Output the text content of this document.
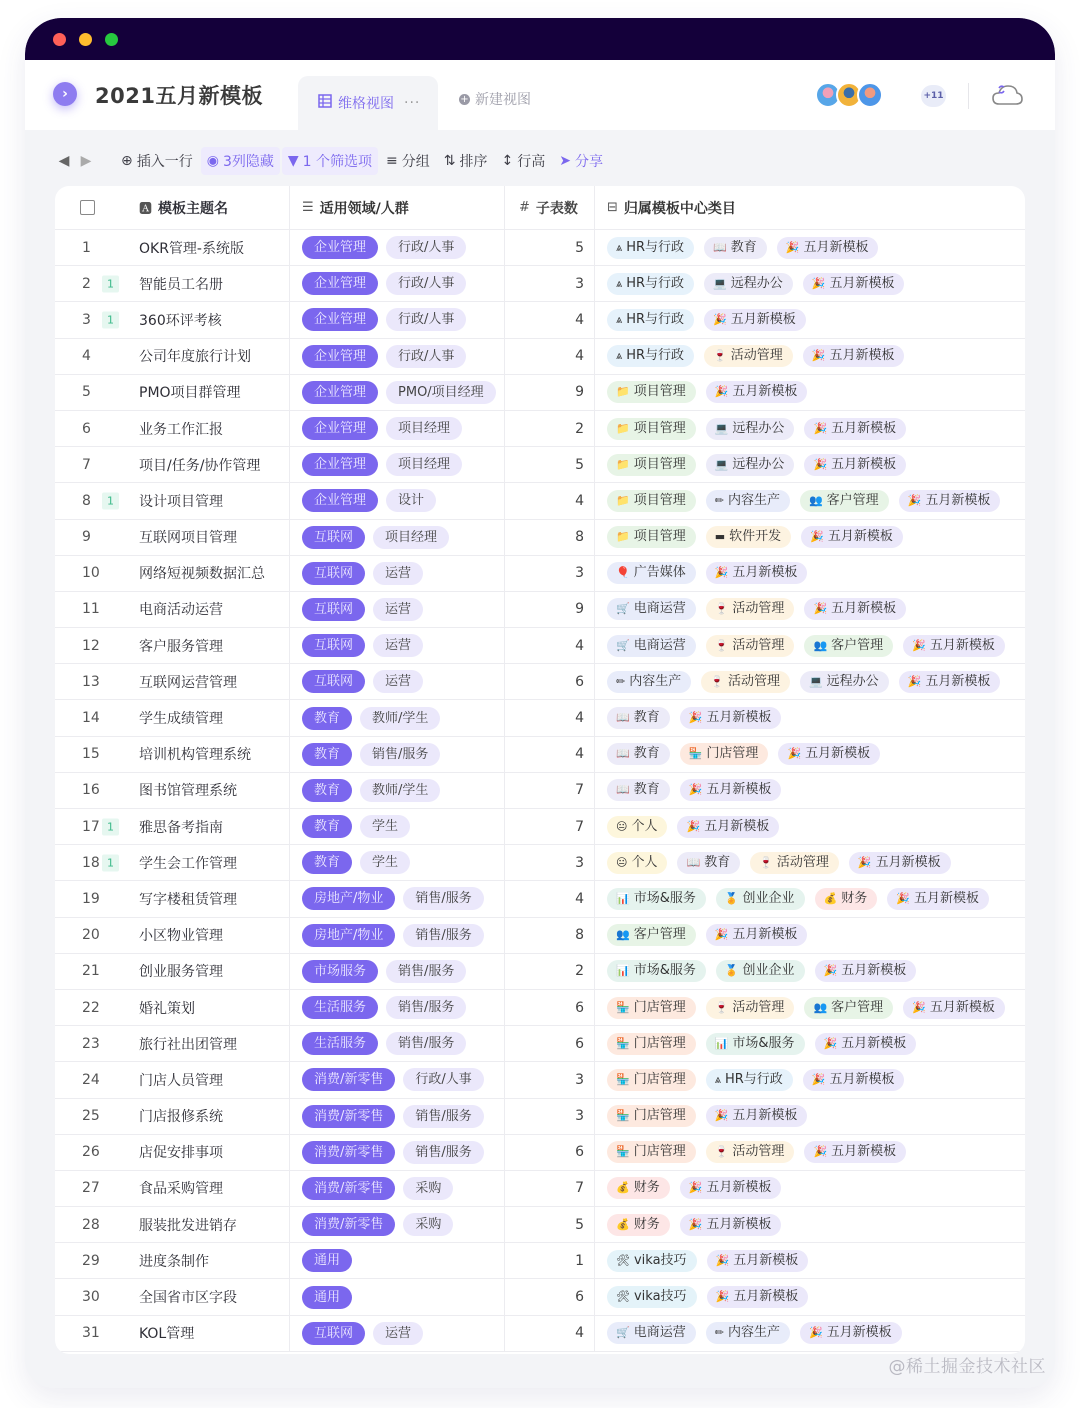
›	2021五月新模板	维格视图 ···	+ 新建视图	+11
◀ ▶	⊕ 插入一行 ◉ 3列隐藏 ▼ 1 个筛选项 ≡ 分组 ⇅ 排序 ↕ 行高 ➤ 分享
🅰 模板主题名	☰ 适用领域/人群	# 子表数 ⊟ 归属模板中心类目
1	OKR管理-系统版	企业管理	行政/人事	5	⩓ HR与行政	📖 教育	🎉 五月新模板
2	1	智能员工名册	企业管理	行政/人事	3	⩓ HR与行政	💻 远程办公	🎉 五月新模板
3	1	360环评考核	企业管理	行政/人事	4	⩓ HR与行政	🎉 五月新模板
4	公司年度旅行计划	企业管理	行政/人事	4	⩓ HR与行政	🍷 活动管理	🎉 五月新模板
5	PMO项目群管理	企业管理	PMO/项目经理	9	📁 项目管理	🎉 五月新模板
6	业务工作汇报	企业管理	项目经理	2	📁 项目管理	💻 远程办公	🎉 五月新模板
7	项目/任务/协作管理	企业管理	项目经理	5	📁 项目管理	💻 远程办公	🎉 五月新模板
8	1	设计项目管理	企业管理	设计	4	📁 项目管理	✏ 内容生产	👥 客户管理	🎉 五月新模板
9	互联网项目管理	互联网	项目经理	8	📁 项目管理	▬ 软件开发	🎉 五月新模板
10	网络短视频数据汇总	互联网	运营	3	🎈 广告媒体	🎉 五月新模板
11	电商活动运营	互联网	运营	9	🛒 电商运营	🍷 活动管理	🎉 五月新模板
12	客户服务管理	互联网	运营	4	🛒 电商运营	🍷 活动管理	👥 客户管理	🎉 五月新模板
13	互联网运营管理	互联网	运营	6	✏ 内容生产	🍷 活动管理	💻 远程办公	🎉 五月新模板
14	学生成绩管理	教育	教师/学生	4	📖 教育	🎉 五月新模板
15	培训机构管理系统	教育	销售/服务	4	📖 教育	🏪 门店管理	🎉 五月新模板
16	图书馆管理系统	教育	教师/学生	7	📖 教育	🎉 五月新模板
17 1	雅思备考指南	教育	学生	7	😐 个人	🎉 五月新模板
18 1	学生会工作管理	教育	学生	3	😐 个人	📖 教育	🍷 活动管理	🎉 五月新模板
19	写字楼租赁管理	房地产/物业	销售/服务	4	📊 市场&服务	🏅 创业企业	💰 财务	🎉 五月新模板
20	小区物业管理	房地产/物业	销售/服务	8	👥 客户管理	🎉 五月新模板
21	创业服务管理	市场服务	销售/服务	2	📊 市场&服务	🏅 创业企业	🎉 五月新模板
22	婚礼策划	生活服务	销售/服务	6	🏪 门店管理	🍷 活动管理	👥 客户管理	🎉 五月新模板
23	旅行社出团管理	生活服务	销售/服务	6	🏪 门店管理	📊 市场&服务	🎉 五月新模板
24	门店人员管理	消费/新零售	行政/人事	3	🏪 门店管理	⩓ HR与行政	🎉 五月新模板
25	门店报修系统	消费/新零售	销售/服务	3	🏪 门店管理	🎉 五月新模板
26	店促安排事项	消费/新零售	销售/服务	6	🏪 门店管理	🍷 活动管理	🎉 五月新模板
27	食品采购管理	消费/新零售	采购	7	💰 财务	🎉 五月新模板
28	服装批发进销存	消费/新零售	采购	5	💰 财务	🎉 五月新模板
29	进度条制作	通用	1	🛠 vika技巧	🎉 五月新模板
30	全国省市区字段	通用	6	🛠 vika技巧	🎉 五月新模板
31	KOL管理	互联网	运营	4	🛒 电商运营	✏ 内容生产	🎉 五月新模板
@稀土掘金技术社区
